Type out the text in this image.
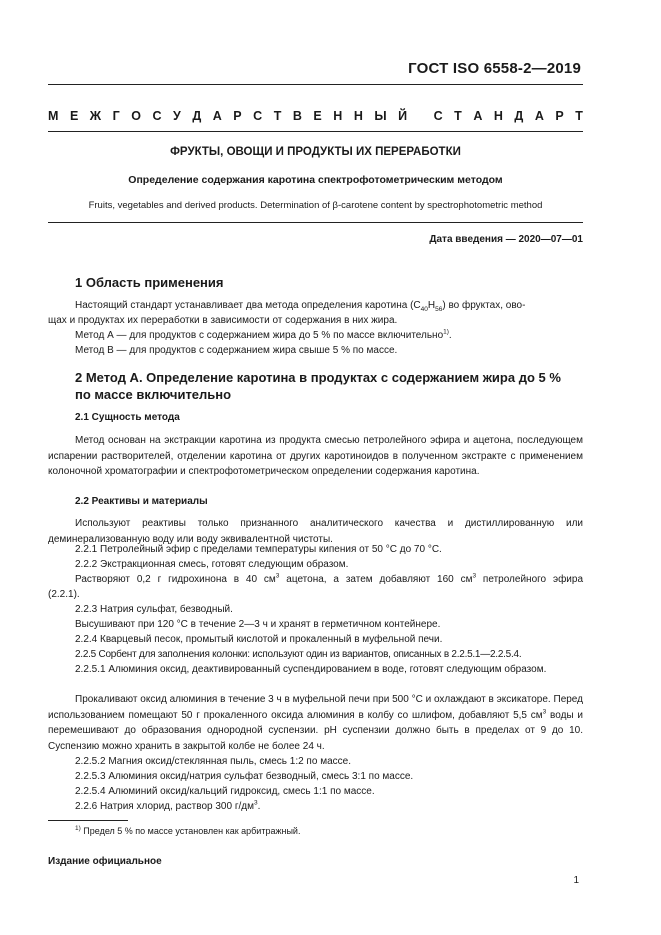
ГОСТ ISO 6558-2—2019
М Е Ж Г О С У Д А Р С Т В Е Н Н Ы Й
С Т А Н Д А Р Т
ФРУКТЫ, ОВОЩИ И ПРОДУКТЫ ИХ ПЕРЕРАБОТКИ
Определение содержания каротина спектрофотометрическим методом
Fruits, vegetables and derived products. Determination of β-carotene content by spectrophotometric method
Дата введения — 2020—07—01
1 Область применения
Настоящий стандарт устанавливает два метода определения каротина $(C_{40}H_{56})$ во фруктах, ово-
щах и продуктах их переработки в зависимости от содержания в них жира.
Метод А — для продуктов с содержанием жира до 5 % по массе включительно$^{1)}$.
Метод В — для продуктов с содержанием жира свыше 5 % по массе.
2 Метод А. Определение каротина в продуктах с содержанием жира до 5 %
по массе включительно
2.1 Сущность метода
Метод основан на экстракции каротина из продукта смесью петролейного эфира и ацетона, последующем испарении растворителей, отделении каротина от других каротиноидов в полученном экстракте с применением колоночной хроматографии и спектрофотометрическом определении содержания каротина.
2.2 Реактивы и материалы
Используют реактивы только признанного аналитического качества и дистиллированную или деминерализованную воду или воду эквивалентной чистоты.
2.2.1 Петролейный эфир с пределами температуры кипения от 50 °С до 70 °С.
2.2.2 Экстракционная смесь, готовят следующим образом.
Растворяют 0,2 г гидрохинона в 40 $см^3$ ацетона, а затем добавляют 160 $см^3$ петролейного эфира
(2.2.1).
2.2.3 Натрия сульфат, безводный.
Высушивают при 120 °С в течение 2—3 ч и хранят в герметичном контейнере.
2.2.4 Кварцевый песок, промытый кислотой и прокаленный в муфельной печи.
2.2.5 Сорбент для заполнения колонки: используют один из вариантов, описанных в 2.2.5.1—2.2.5.4.
2.2.5.1 Алюминия оксид, деактивированный суспендированием в воде, готовят следующим образом.
Прокаливают оксид алюминия в течение 3 ч в муфельной печи при 500 °С и охлаждают в эксикаторе. Перед использованием помещают 50 г прокаленного оксида алюминия в колбу со шлифом, добавляют 5,5 $см^3$ воды и перемешивают до образования однородной суспензии. pH суспензии должно быть в пределах от 9 до 10. Суспензию можно хранить в закрытой колбе не более 24 ч.
2.2.5.2 Магния оксид/стеклянная пыль, смесь 1:2 по массе.
2.2.5.3 Алюминия оксид/натрия сульфат безводный, смесь 3:1 по массе.
2.2.5.4 Алюминий оксид/кальций гидроксид, смесь 1:1 по массе.
2.2.6 Натрия хлорид, раствор 300 $г/дм^3$.
$^{1)}$ Предел 5 % по массе установлен как арбитражный.
Издание официальное
1
